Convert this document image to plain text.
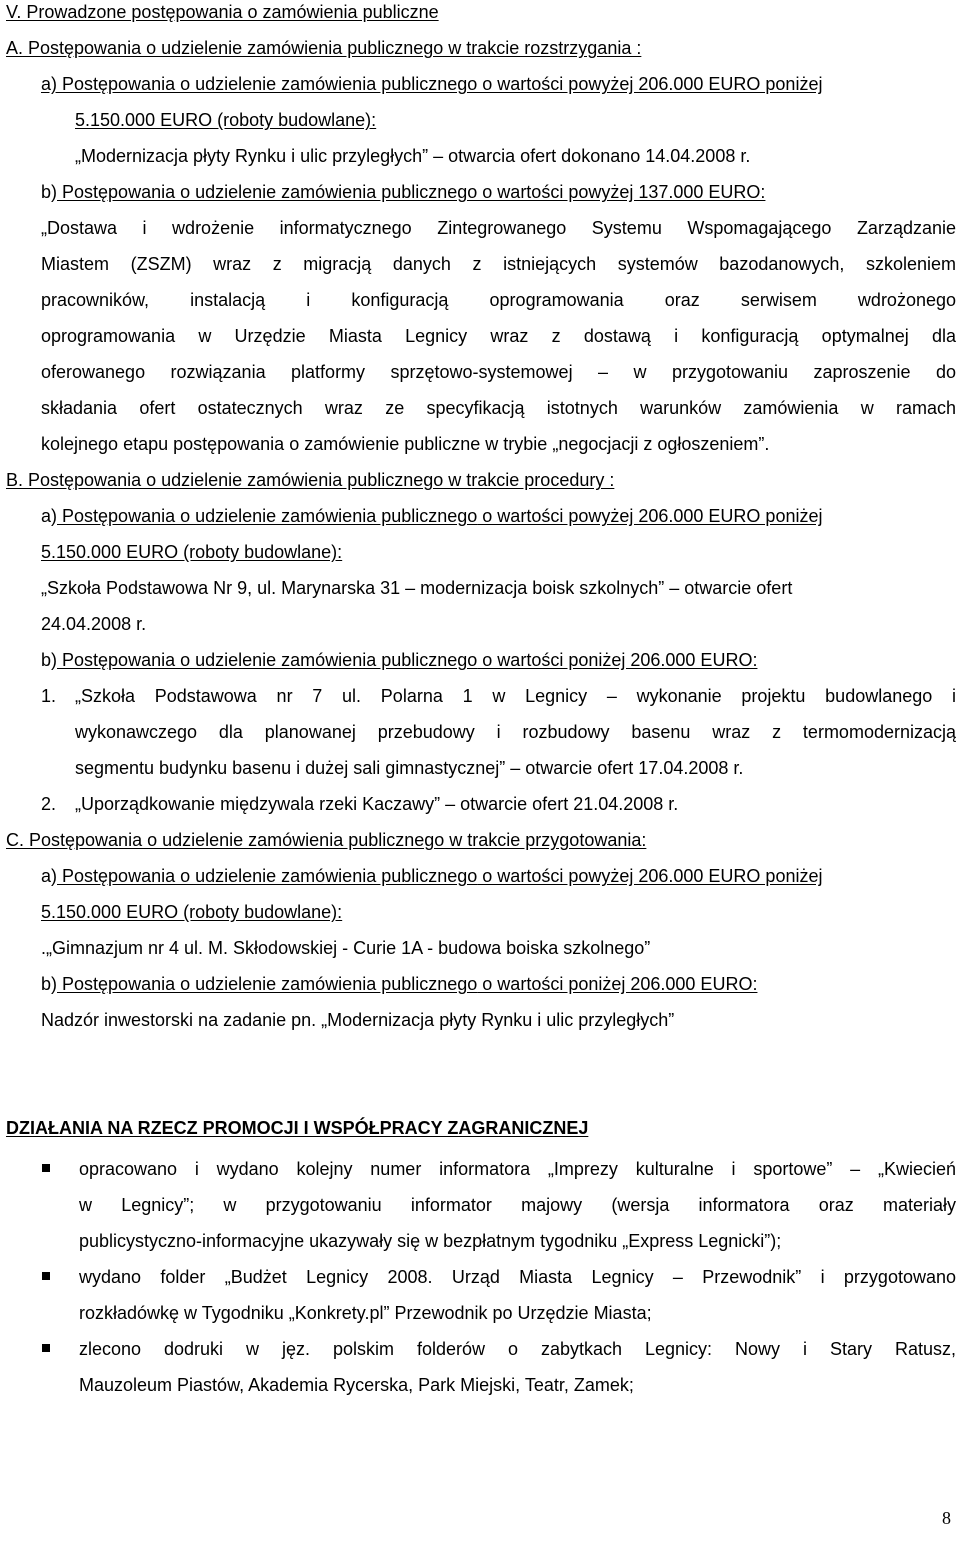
V. Prowadzone postępowania o zamówienia publiczne
A. Postępowania o udzielenie zamówienia publicznego w trakcie rozstrzygania :
a) Postępowania o udzielenie zamówienia publicznego o wartości powyżej 206.000 EURO poniżej
5.150.000 EURO (roboty budowlane):
„Modernizacja płyty Rynku i ulic przyległych” – otwarcia ofert dokonano 14.04.2008 r.
b) Postępowania o udzielenie zamówienia publicznego o wartości powyżej 137.000 EURO:
„Dostawa i wdrożenie informatycznego Zintegrowanego Systemu Wspomagającego Zarządzanie
Miastem (ZSZM) wraz z migracją danych z istniejących systemów bazodanowych, szkoleniem
pracowników, instalacją i konfiguracją oprogramowania oraz serwisem wdrożonego
oprogramowania w Urzędzie Miasta Legnicy wraz z dostawą i konfiguracją optymalnej dla
oferowanego rozwiązania platformy sprzętowo-systemowej – w przygotowaniu zaproszenie do
składania ofert ostatecznych wraz ze specyfikacją istotnych warunków zamówienia w ramach
kolejnego etapu postępowania o zamówienie publiczne w trybie „negocjacji z ogłoszeniem”.
B. Postępowania o udzielenie zamówienia publicznego w trakcie procedury :
a) Postępowania o udzielenie zamówienia publicznego o wartości powyżej 206.000 EURO poniżej
5.150.000 EURO (roboty budowlane):
„Szkoła Podstawowa Nr 9, ul. Marynarska 31 – modernizacja boisk szkolnych” – otwarcie ofert
24.04.2008 r.
b) Postępowania o udzielenie zamówienia publicznego o wartości poniżej 206.000 EURO:
1. „Szkoła Podstawowa nr 7 ul. Polarna 1 w Legnicy – wykonanie projektu budowlanego i
wykonawczego dla planowanej przebudowy i rozbudowy basenu wraz z termomodernizacją
segmentu budynku basenu i dużej sali gimnastycznej” – otwarcie ofert 17.04.2008 r.
2. „Uporządkowanie międzywala rzeki Kaczawy” – otwarcie ofert 21.04.2008 r.
C. Postępowania o udzielenie zamówienia publicznego w trakcie przygotowania:
a) Postępowania o udzielenie zamówienia publicznego o wartości powyżej 206.000 EURO poniżej
5.150.000 EURO (roboty budowlane):
.„Gimnazjum nr 4 ul. M. Skłodowskiej - Curie 1A - budowa boiska szkolnego”
b) Postępowania o udzielenie zamówienia publicznego o wartości poniżej 206.000 EURO:
Nadzór inwestorski na zadanie pn. „Modernizacja płyty Rynku i ulic przyległych”
DZIAŁANIA NA RZECZ PROMOCJI I WSPÓŁPRACY ZAGRANICZNEJ
opracowano i wydano kolejny numer informatora „Imprezy kulturalne i sportowe” – „Kwiecień
w Legnicy”; w przygotowaniu informator majowy (wersja informatora oraz materiały
publicystyczno-informacyjne ukazywały się w bezpłatnym tygodniku „Express Legnicki”);
wydano folder „Budżet Legnicy 2008. Urząd Miasta Legnicy – Przewodnik” i przygotowano
rozkładówkę w Tygodniku „Konkrety.pl” Przewodnik po Urzędzie Miasta;
zlecono dodruki w jęz. polskim folderów o zabytkach Legnicy: Nowy i Stary Ratusz,
Mauzoleum Piastów, Akademia Rycerska, Park Miejski, Teatr, Zamek;
8
